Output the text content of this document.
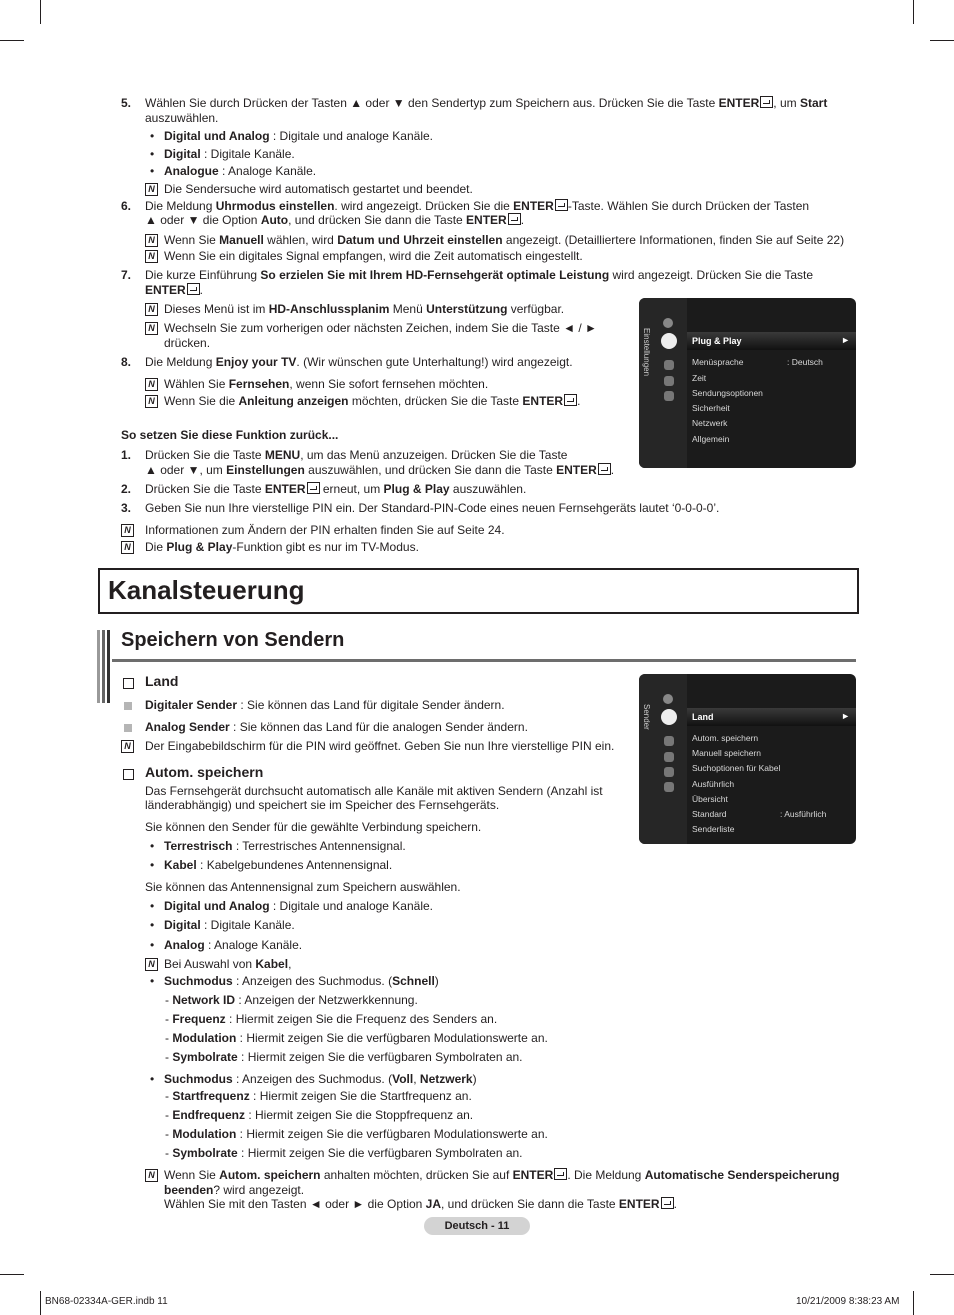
5. Wählen Sie durch Drücken der Tasten ▲ oder ▼ den Sendertyp zum Speichern aus. Drücken Sie die Taste ENTER , um Start
auszuwählen.
• Digital und Analog : Digitale und analoge Kanäle.
• Digital : Digitale Kanäle.
• Analogue : Analoge Kanäle.
N Die Sendersuche wird automatisch gestartet und beendet.
6. Die Meldung Uhrmodus einstellen. wird angezeigt. Drücken Sie die ENTER -Taste. Wählen Sie durch Drücken der Tasten
▲ oder ▼ die Option Auto, und drücken Sie dann die Taste ENTER .
N Wenn Sie Manuell wählen, wird Datum und Uhrzeit einstellen angezeigt. (Detailliertere Informationen, finden Sie auf Seite 22)
N Wenn Sie ein digitales Signal empfangen, wird die Zeit automatisch eingestellt.
7. Die kurze Einführung So erzielen Sie mit Ihrem HD-Fernsehgerät optimale Leistung wird angezeigt. Drücken Sie die Taste
ENTER .
N Dieses Menü ist im HD-Anschlussplanim Menü Unterstützung verfügbar.
N Wechseln Sie zum vorherigen oder nächsten Zeichen, indem Sie die Taste ◄ / ►
drücken.
8. Die Meldung Enjoy your TV. (Wir wünschen gute Unterhaltung!) wird angezeigt.
N Wählen Sie Fernsehen, wenn Sie sofort fernsehen möchten.
N Wenn Sie die Anleitung anzeigen möchten, drücken Sie die Taste ENTER .
Einstellungen	Plug & Play	►
Menüsprache	: Deutsch
Zeit
Sendungsoptionen
Sicherheit
Netzwerk
Allgemein
So setzen Sie diese Funktion zurück...
1. Drücken Sie die Taste MENU, um das Menü anzuzeigen. Drücken Sie die Taste
▲ oder ▼, um Einstellungen auszuwählen, und drücken Sie dann die Taste ENTER .
2. Drücken Sie die Taste ENTER erneut, um Plug & Play auszuwählen.
3. Geben Sie nun Ihre vierstellige PIN ein. Der Standard-PIN-Code eines neuen Fernsehgeräts lautet ‘0-0-0-0’.
N Informationen zum Ändern der PIN erhalten finden Sie auf Seite 24.
N Die Plug & Play-Funktion gibt es nur im TV-Modus.
Kanalsteuerung
Speichern von Sendern
Land
Digitaler Sender : Sie können das Land für digitale Sender ändern.
Analog Sender : Sie können das Land für die analogen Sender ändern.
N Der Eingabebildschirm für die PIN wird geöffnet. Geben Sie nun Ihre vierstellige PIN ein.
Sender	Land	►
Autom. speichern
Manuell speichern
Suchoptionen für Kabel
Ausführlich
Übersicht
Standard	: Ausführlich
Senderliste
Autom. speichern
Das Fernsehgerät durchsucht automatisch alle Kanäle mit aktiven Sendern (Anzahl ist
länderabhängig) und speichert sie im Speicher des Fernsehgeräts.
Sie können den Sender für die gewählte Verbindung speichern.
• Terrestrisch : Terrestrisches Antennensignal.
• Kabel : Kabelgebundenes Antennensignal.
Sie können das Antennensignal zum Speichern auswählen.
• Digital und Analog : Digitale und analoge Kanäle.
• Digital : Digitale Kanäle.
• Analog : Analoge Kanäle.
N Bei Auswahl von Kabel,
• Suchmodus : Anzeigen des Suchmodus. (Schnell)
- Network ID : Anzeigen der Netzwerkkennung.
- Frequenz : Hiermit zeigen Sie die Frequenz des Senders an.
- Modulation : Hiermit zeigen Sie die verfügbaren Modulationswerte an.
- Symbolrate : Hiermit zeigen Sie die verfügbaren Symbolraten an.
• Suchmodus : Anzeigen des Suchmodus. (Voll, Netzwerk)
- Startfrequenz : Hiermit zeigen Sie die Startfrequenz an.
- Endfrequenz : Hiermit zeigen Sie die Stoppfrequenz an.
- Modulation : Hiermit zeigen Sie die verfügbaren Modulationswerte an.
- Symbolrate : Hiermit zeigen Sie die verfügbaren Symbolraten an.
N Wenn Sie Autom. speichern anhalten möchten, drücken Sie auf ENTER . Die Meldung Automatische Senderspeicherung
beenden? wird angezeigt.
Wählen Sie mit den Tasten ◄ oder ► die Option JA, und drücken Sie dann die Taste ENTER .
Deutsch - 11
BN68-02334A-GER.indb 11	10/21/2009 8:38:23 AM
